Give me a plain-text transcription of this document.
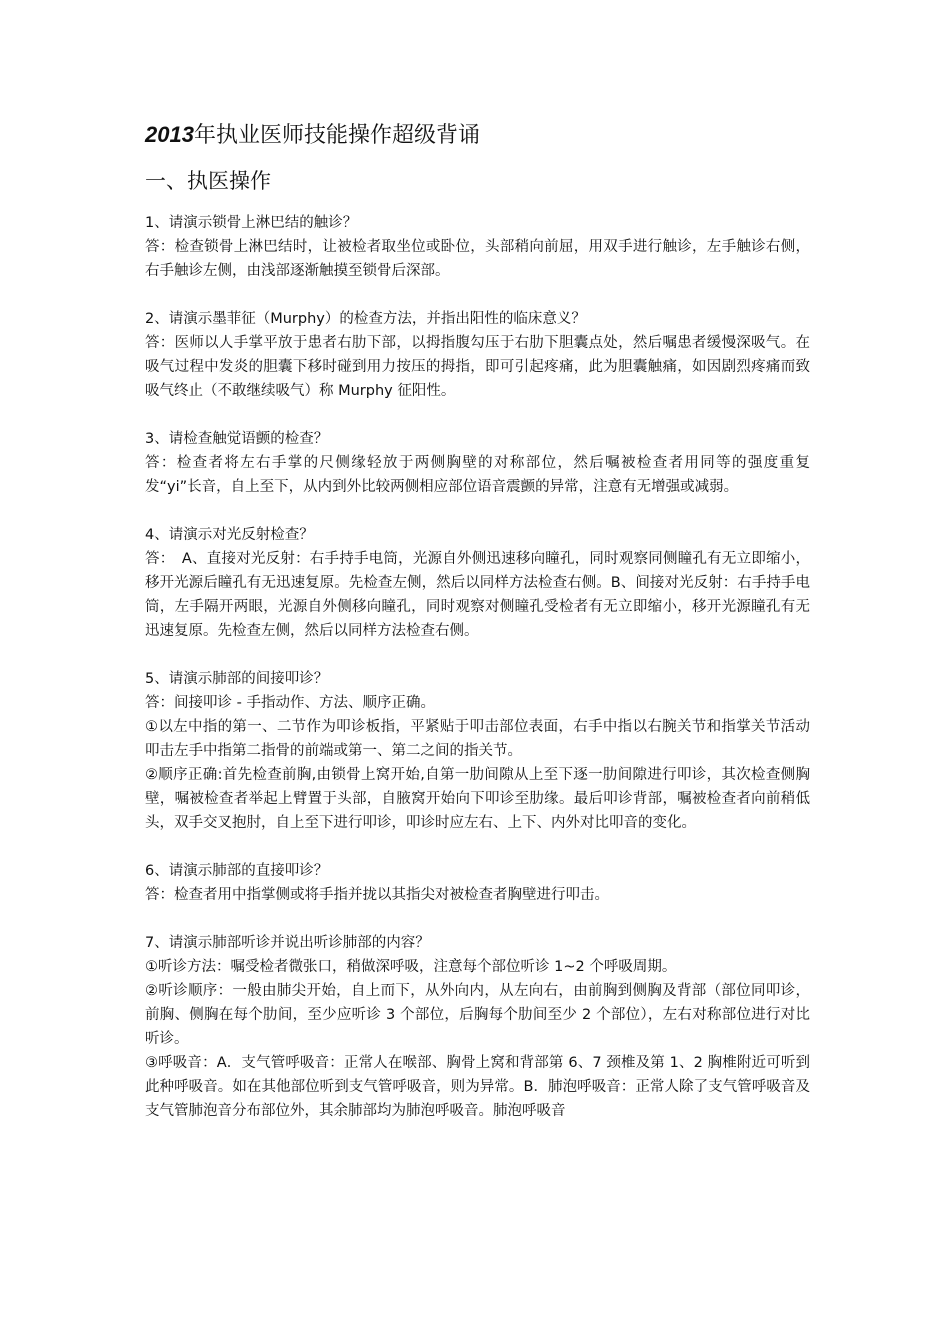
2013年执业医师技能操作超级背诵
一、执医操作

1、请演示锁骨上淋巴结的触诊？

答：检查锁骨上淋巴结时，让被检者取坐位或卧位，头部稍向前屈，用双手进行触诊，左手触诊右侧，右手触诊左侧，由浅部逐渐触摸至锁骨后深部。

2、请演示墨菲征（Murphy）的检查方法，并指出阳性的临床意义？

答：医师以人手掌平放于患者右肋下部，以拇指腹勾压于右肋下胆囊点处，然后嘱患者缓慢深吸气。在吸气过程中发炎的胆囊下移时碰到用力按压的拇指，即可引起疼痛，此为胆囊触痛，如因剧烈疼痛而致吸气终止（不敢继续吸气）称 Murphy 征阳性。

3、请检查触觉语颤的检查？

答：检查者将左右手掌的尺侧缘轻放于两侧胸壁的对称部位，然后嘱被检查者用同等的强度重复发“yi”长音，自上至下，从内到外比较两侧相应部位语音震颤的异常，注意有无增强或减弱。

4、请演示对光反射检查？

答：　A、直接对光反射：右手持手电筒，光源自外侧迅速移向瞳孔，同时观察同侧瞳孔有无立即缩小，移开光源后瞳孔有无迅速复原。先检查左侧，然后以同样方法检查右侧。B、间接对光反射：右手持手电筒，左手隔开两眼，光源自外侧移向瞳孔，同时观察对侧瞳孔受检者有无立即缩小，移开光源瞳孔有无迅速复原。先检查左侧，然后以同样方法检查右侧。

5、请演示肺部的间接叩诊？

答：间接叩诊 - 手指动作、方法、顺序正确。

①以左中指的第一、二节作为叩诊板指，平紧贴于叩击部位表面，右手中指以右腕关节和指掌关节活动叩击左手中指第二指骨的前端或第一、第二之间的指关节。

②顺序正确:首先检查前胸,由锁骨上窝开始,自第一肋间隙从上至下逐一肋间隙进行叩诊，其次检查侧胸壁，嘱被检查者举起上臂置于头部，自腋窝开始向下叩诊至肋缘。最后叩诊背部，嘱被检查者向前稍低头，双手交叉抱肘，自上至下进行叩诊，叩诊时应左右、上下、内外对比叩音的变化。

6、请演示肺部的直接叩诊？

答：检查者用中指掌侧或将手指并拢以其指尖对被检查者胸壁进行叩击。

7、请演示肺部听诊并说出听诊肺部的内容？

①听诊方法：嘱受检者微张口，稍做深呼吸，注意每个部位听诊 1~2 个呼吸周期。

②听诊顺序：一般由肺尖开始，自上而下，从外向内，从左向右，由前胸到侧胸及背部（部位同叩诊，前胸、侧胸在每个肋间，至少应听诊 3 个部位，后胸每个肋间至少 2 个部位），左右对称部位进行对比听诊。

③呼吸音：A．支气管呼吸音：正常人在喉部、胸骨上窝和背部第 6、7 颈椎及第 1、2 胸椎附近可听到此种呼吸音。如在其他部位听到支气管呼吸音，则为异常。B．肺泡呼吸音：正常人除了支气管呼吸音及支气管肺泡音分布部位外，其余肺部均为肺泡呼吸音。肺泡呼吸音
